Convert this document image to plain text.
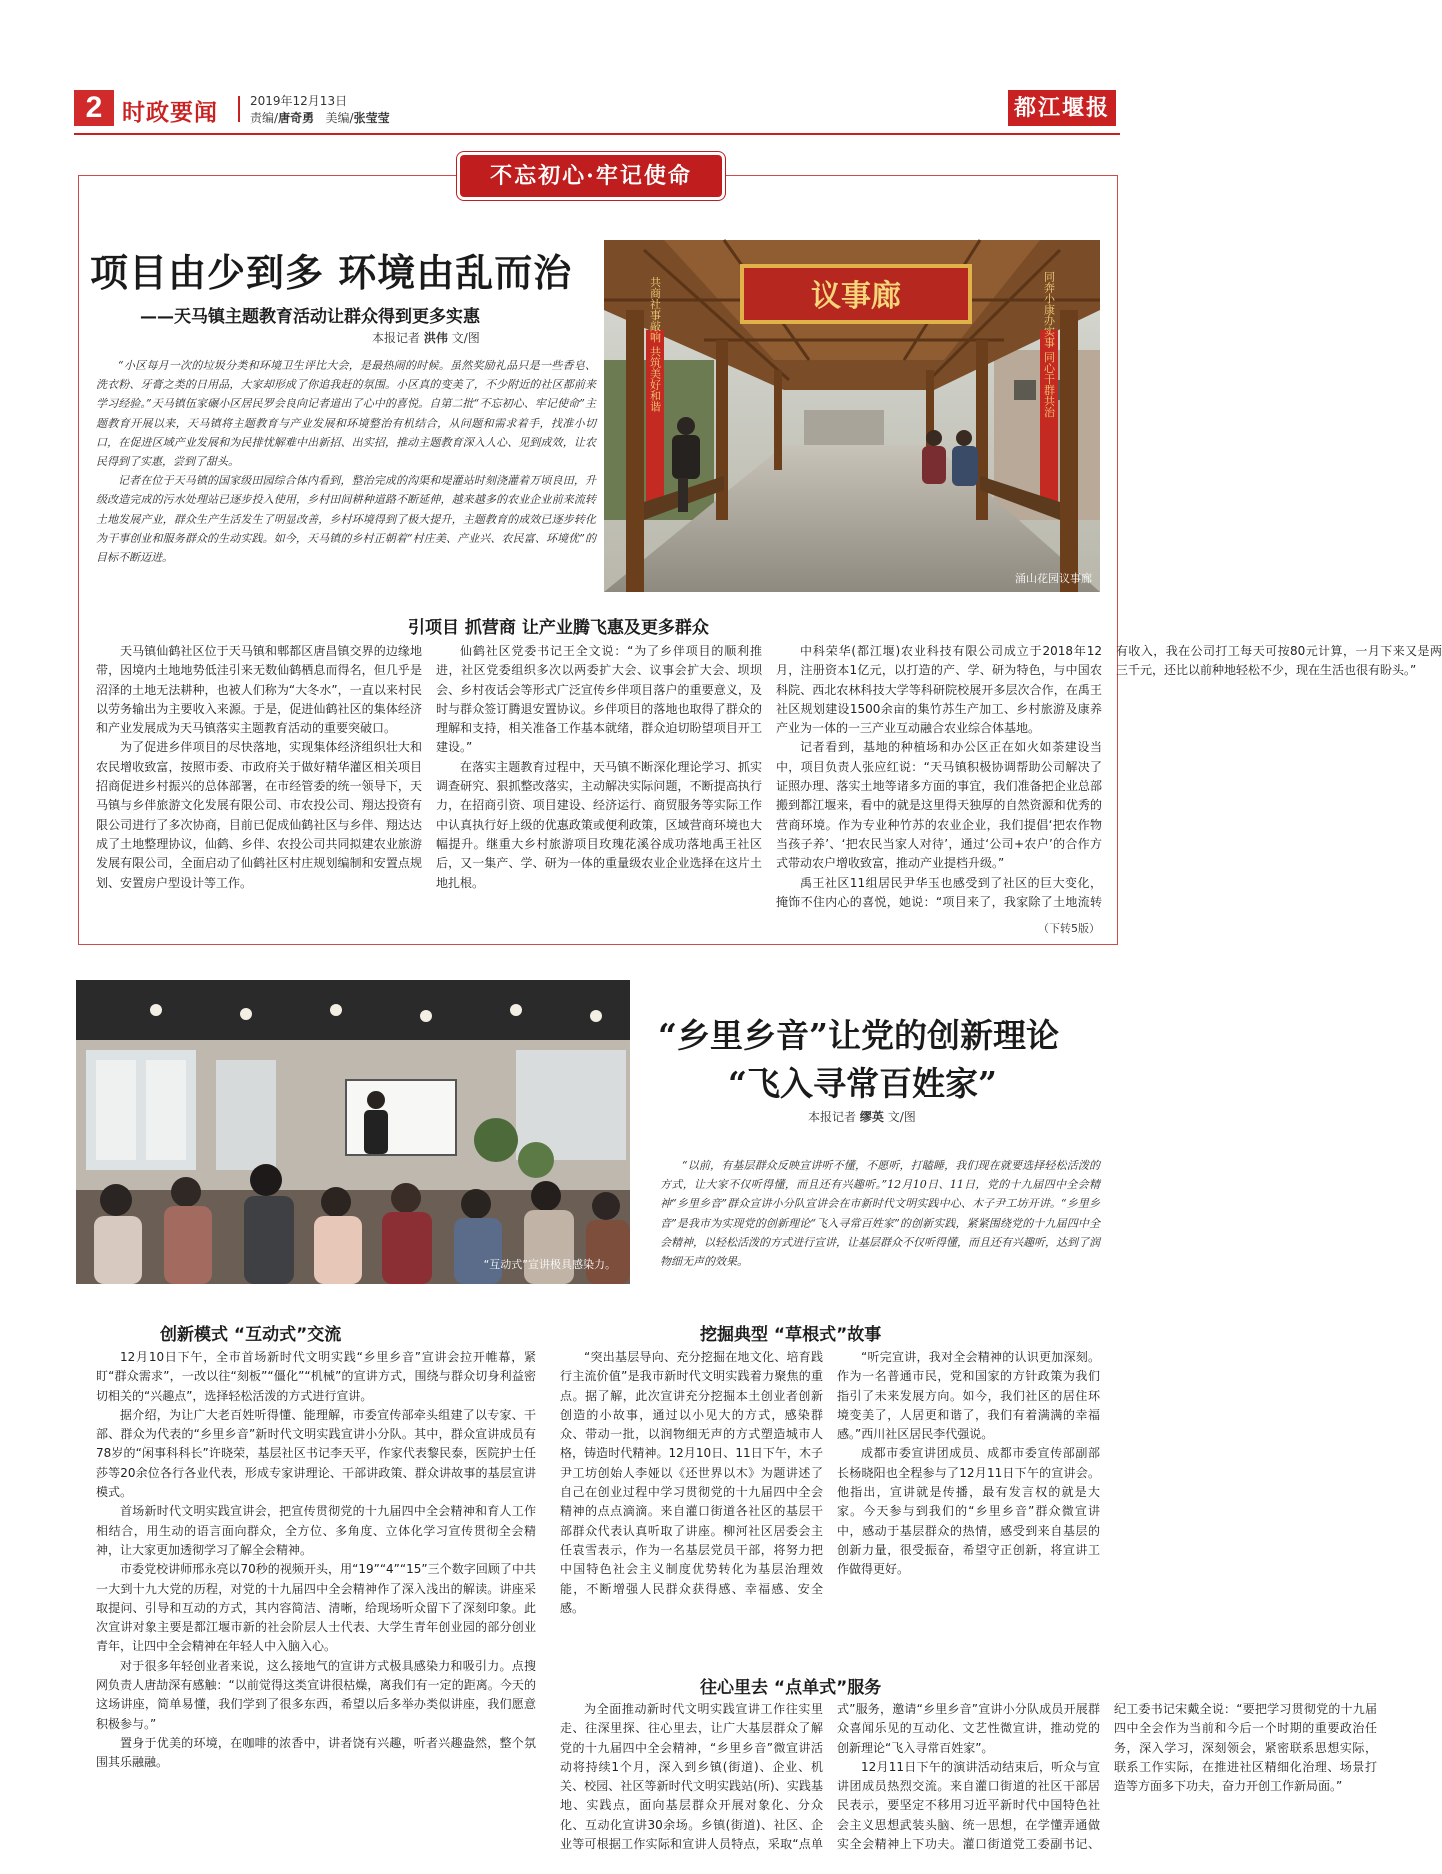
2 时政要闻	2019年12月13日
责编/唐奇勇 美编/张莹莹	都江堰报
不忘初心·牢记使命
项目由少到多 环境由乱而治
——天马镇主题教育活动让群众得到更多实惠
本报记者 洪伟 文/图

“小区每月一次的垃圾分类和环境卫生评比大会，是最热闹的时候。虽然奖励礼品只是一些香皂、洗衣粉、牙膏之类的日用品，大家却形成了你追我赶的氛围。小区真的变美了，不少附近的社区都前来学习经验。”天马镇伍家碾小区居民罗会良向记者道出了心中的喜悦。自第二批“不忘初心、牢记使命”主题教育开展以来，天马镇将主题教育与产业发展和环境整治有机结合，从问题和需求着手，找准小切口，在促进区域产业发展和为民排忧解难中出新招、出实招，推动主题教育深入人心、见到成效，让农民得到了实惠，尝到了甜头。

记者在位于天马镇的国家级田园综合体内看到，整治完成的沟渠和堤灌站时刻浇灌着万顷良田，升级改造完成的污水处理站已逐步投入使用，乡村田间耕种道路不断延伸，越来越多的农业企业前来流转土地发展产业，群众生产生活发生了明显改善，乡村环境得到了极大提升，主题教育的成效已逐步转化为干事创业和服务群众的生动实践。如今，天马镇的乡村正朝着“村庄美、产业兴、农民富、环境优”的目标不断迈进。

议事廊
共商社事敲响 共筑美好和谐	同奔小康办实事 同心干群共治
涌山花园议事廊
引项目 抓营商 让产业腾飞惠及更多群众

天马镇仙鹤社区位于天马镇和郫都区唐昌镇交界的边缘地带，因境内土地地势低洼引来无数仙鹤栖息而得名，但几乎是沼泽的土地无法耕种，也被人们称为“大冬水”，一直以来村民以劳务输出为主要收入来源。于是，促进仙鹤社区的集体经济和产业发展成为天马镇落实主题教育活动的重要突破口。

为了促进乡伴项目的尽快落地，实现集体经济组织壮大和农民增收致富，按照市委、市政府关于做好精华灌区相关项目招商促进乡村振兴的总体部署，在市经管委的统一领导下，天马镇与乡伴旅游文化发展有限公司、市农投公司、翔达投资有限公司进行了多次协商，目前已促成仙鹤社区与乡伴、翔达达成了土地整理协议，仙鹤、乡伴、农投公司共同拟建农业旅游发展有限公司，全面启动了仙鹤社区村庄规划编制和安置点规划、安置房户型设计等工作。

仙鹤社区党委书记王全文说：“为了乡伴项目的顺利推进，社区党委组织多次以两委扩大会、议事会扩大会、坝坝会、乡村夜话会等形式广泛宣传乡伴项目落户的重要意义，及时与群众签订腾退安置协议。乡伴项目的落地也取得了群众的理解和支持，相关准备工作基本就绪，群众迫切盼望项目开工建设。”

在落实主题教育过程中，天马镇不断深化理论学习、抓实调查研究、狠抓整改落实，主动解决实际问题，不断提高执行力，在招商引资、项目建设、经济运行、商贸服务等实际工作中认真执行好上级的优惠政策或便利政策，区域营商环境也大幅提升。继重大乡村旅游项目玫瑰花溪谷成功落地禹王社区后，又一集产、学、研为一体的重量级农业企业选择在这片土地扎根。

中科荣华(都江堰)农业科技有限公司成立于2018年12月，注册资本1亿元，以打造的产、学、研为特色，与中国农科院、西北农林科技大学等科研院校展开多层次合作，在禹王社区规划建设1500余亩的集竹苏生产加工、乡村旅游及康养产业为一体的一三产业互动融合农业综合体基地。

记者看到，基地的种植场和办公区正在如火如荼建设当中，项目负责人张应红说：“天马镇积极协调帮助公司解决了证照办理、落实土地等诸多方面的事宜，我们准备把企业总部搬到都江堰来，看中的就是这里得天独厚的自然资源和优秀的营商环境。作为专业种竹苏的农业企业，我们提倡‘把农作物当孩子养’、‘把农民当家人对待’，通过‘公司+农户’的合作方式带动农户增收致富，推动产业提档升级。”

禹王社区11组居民尹华玉也感受到了社区的巨大变化，掩饰不住内心的喜悦，她说：“项目来了，我家除了土地流转有收入，我在公司打工每天可按80元计算，一月下来又是两三千元，还比以前种地轻松不少，现在生活也很有盼头。”

（下转5版）
“互动式”宣讲极具感染力。
“乡里乡音”让党的创新理论
“飞入寻常百姓家”
本报记者 缪英 文/图

“以前，有基层群众反映宣讲听不懂，不愿听，打瞌睡，我们现在就要选择轻松活泼的方式，让大家不仅听得懂，而且还有兴趣听。”12月10日、11日，党的十九届四中全会精神“乡里乡音”群众宣讲小分队宣讲会在市新时代文明实践中心、木子尹工坊开讲。“乡里乡音”是我市为实现党的创新理论“飞入寻常百姓家”的创新实践，紧紧围绕党的十九届四中全会精神，以轻松活泼的方式进行宣讲，让基层群众不仅听得懂，而且还有兴趣听，达到了润物细无声的效果。

创新模式 “互动式”交流

12月10日下午，全市首场新时代文明实践“乡里乡音”宣讲会拉开帷幕，紧盯“群众需求”，一改以往“刻板”“僵化”“机械”的宣讲方式，围绕与群众切身利益密切相关的“兴趣点”，选择轻松活泼的方式进行宣讲。

据介绍，为让广大老百姓听得懂、能理解，市委宣传部牵头组建了以专家、干部、群众为代表的“乡里乡音”新时代文明实践宣讲小分队。其中，群众宣讲成员有78岁的“闲事科科长”许晓荣，基层社区书记李天平，作家代表黎民泰，医院护士任莎等20余位各行各业代表，形成专家讲理论、干部讲政策、群众讲故事的基层宣讲模式。

首场新时代文明实践宣讲会，把宣传贯彻党的十九届四中全会精神和育人工作相结合，用生动的语言面向群众，全方位、多角度、立体化学习宣传贯彻全会精神，让大家更加透彻学习了解全会精神。

市委党校讲师邢永亮以70秒的视频开头，用“19”“4”“15”三个数字回顾了中共一大到十九大党的历程，对党的十九届四中全会精神作了深入浅出的解读。讲座采取提问、引导和互动的方式，其内容简洁、清晰，给现场听众留下了深刻印象。此次宣讲对象主要是都江堰市新的社会阶层人士代表、大学生青年创业园的部分创业青年，让四中全会精神在年轻人中入脑入心。

对于很多年轻创业者来说，这么接地气的宣讲方式极具感染力和吸引力。点搜网负责人唐劼深有感触：“以前觉得这类宣讲很枯燥，离我们有一定的距离。今天的这场讲座，简单易懂，我们学到了很多东西，希望以后多举办类似讲座，我们愿意积极参与。”

置身于优美的环境，在咖啡的浓香中，讲者饶有兴趣，听者兴趣盎然，整个氛围其乐融融。

挖掘典型 “草根式”故事

“突出基层导向、充分挖掘在地文化、培育践行主流价值”是我市新时代文明实践着力聚焦的重点。据了解，此次宣讲充分挖掘本土创业者创新创造的小故事，通过以小见大的方式，感染群众、带动一批，以润物细无声的方式塑造城市人格，铸造时代精神。12月10日、11日下午，木子尹工坊创始人李娅以《还世界以木》为题讲述了自己在创业过程中学习贯彻党的十九届四中全会精神的点点滴滴。来自灌口街道各社区的基层干部群众代表认真听取了讲座。柳河社区居委会主任袁雪表示，作为一名基层党员干部，将努力把中国特色社会主义制度优势转化为基层治理效能，不断增强人民群众获得感、幸福感、安全感。

“听完宣讲，我对全会精神的认识更加深刻。作为一名普通市民，党和国家的方针政策为我们指引了未来发展方向。如今，我们社区的居住环境变美了，人居更和谐了，我们有着满满的幸福感。”西川社区居民李代强说。

成都市委宣讲团成员、成都市委宣传部副部长杨晓阳也全程参与了12月11日下午的宣讲会。他指出，宣讲就是传播，最有发言权的就是大家。今天参与到我们的“乡里乡音”群众微宣讲中，感动于基层群众的热情，感受到来自基层的创新力量，很受振奋，希望守正创新，将宣讲工作做得更好。

往心里去 “点单式”服务

为全面推动新时代文明实践宣讲工作往实里走、往深里探、往心里去，让广大基层群众了解党的十九届四中全会精神，“乡里乡音”微宣讲活动将持续1个月，深入到乡镇(街道)、企业、机关、校园、社区等新时代文明实践站(所)、实践基地、实践点，面向基层群众开展对象化、分众化、互动化宣讲30余场。乡镇(街道)、社区、企业等可根据工作实际和宣讲人员特点，采取“点单式”服务，邀请“乡里乡音”宣讲小分队成员开展群众喜闻乐见的互动化、文艺性微宣讲，推动党的创新理论“飞入寻常百姓家”。

12月11日下午的演讲活动结束后，听众与宣讲团成员热烈交流。来自灌口街道的社区干部居民表示，要坚定不移用习近平新时代中国特色社会主义思想武装头脑、统一思想，在学懂弄通做实全会精神上下功夫。灌口街道党工委副书记、纪工委书记宋戴全说：“要把学习贯彻党的十九届四中全会作为当前和今后一个时期的重要政治任务，深入学习，深刻领会，紧密联系思想实际，联系工作实际，在推进社区精细化治理、场景打造等方面多下功夫，奋力开创工作新局面。”
